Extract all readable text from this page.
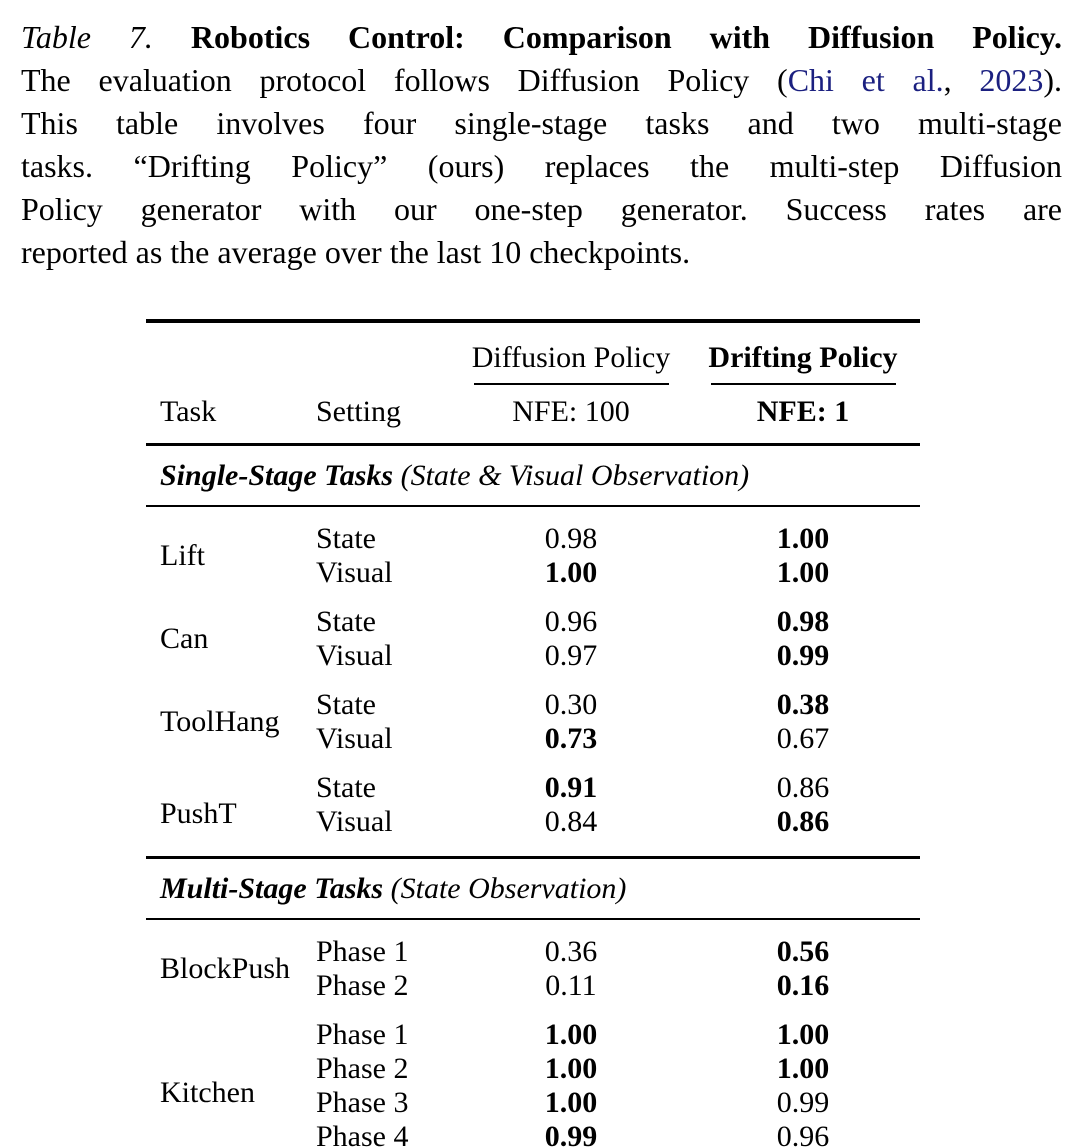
Table 7. Robotics Control: Comparison with Diffusion Policy.
The evaluation protocol follows Diffusion Policy (Chi et al., 2023).
This table involves four single-stage tasks and two multi-stage
tasks. “Drifting Policy” (ours) replaces the multi-step Diffusion
Policy generator with our one-step generator. Success rates are
reported as the average over the last 10 checkpoints.

		Diffusion Policy	Drifting Policy

Task	Setting	NFE: 100	NFE: 1
Single-Stage Tasks (State & Visual Observation)			
Lift	State	0.98	1.00
	Visual	1.00	1.00
Can	State	0.96	0.98
	Visual	0.97	0.99
ToolHang	State	0.30	0.38
	Visual	0.73	0.67
PushT	State	0.91	0.86
	Visual	0.84	0.86
Multi-Stage Tasks (State Observation)			
BlockPush	Phase 1	0.36	0.56
	Phase 2	0.11	0.16
Kitchen	Phase 1	1.00	1.00
	Phase 2	1.00	1.00
	Phase 3	1.00	0.99
	Phase 4	0.99	0.96
